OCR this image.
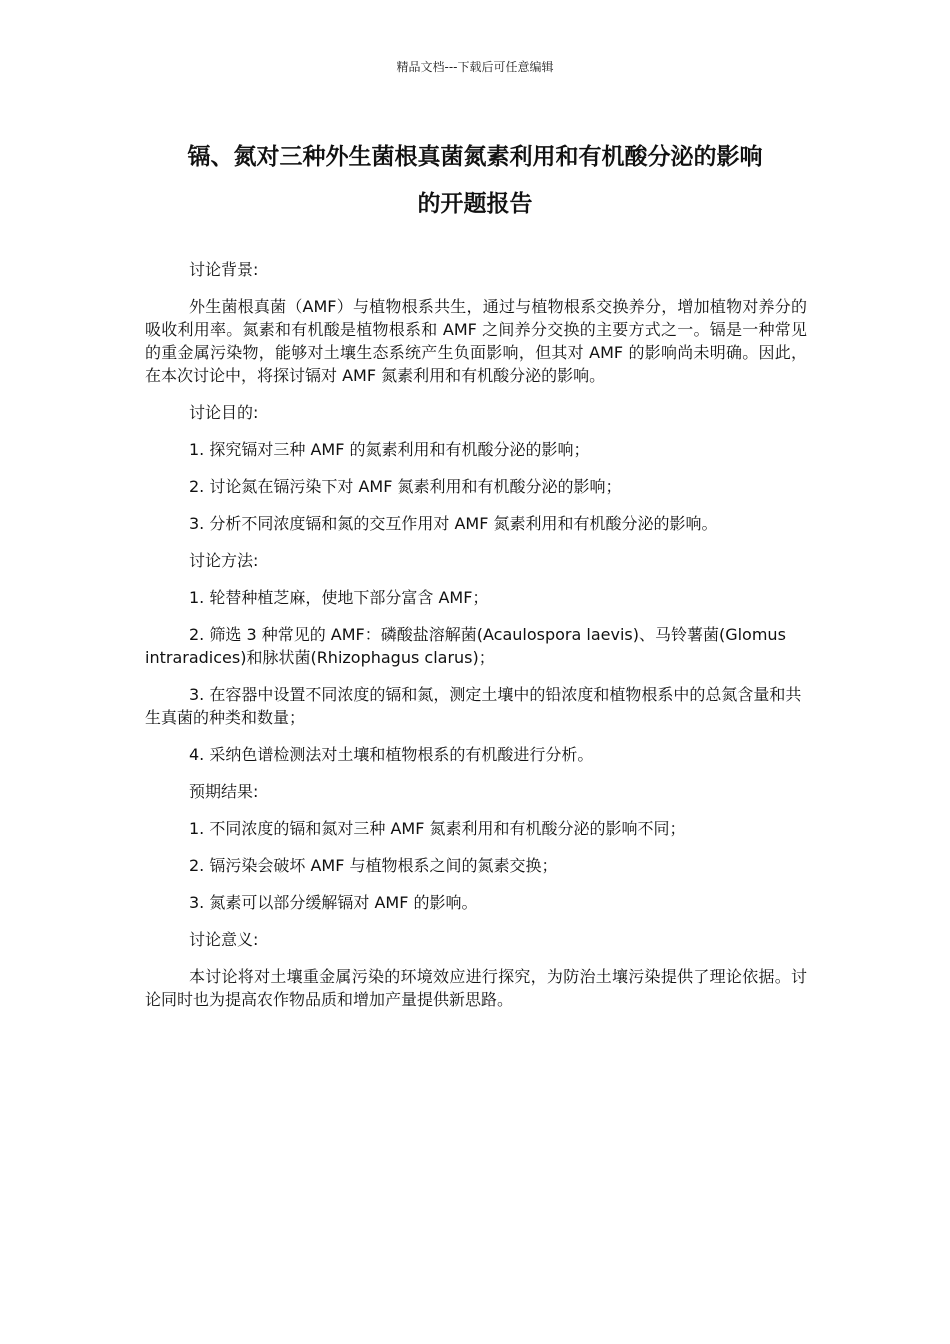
精品文档---下载后可任意编辑
镉、氮对三种外生菌根真菌氮素利用和有机酸分泌的影响
的开题报告

讨论背景:

外生菌根真菌（AMF）与植物根系共生，通过与植物根系交换养分，增加植物对养分的吸收利用率。氮素和有机酸是植物根系和 AMF 之间养分交换的主要方式之一。镉是一种常见的重金属污染物，能够对土壤生态系统产生负面影响，但其对 AMF 的影响尚未明确。因此，在本次讨论中，将探讨镉对 AMF 氮素利用和有机酸分泌的影响。

讨论目的:

1. 探究镉对三种 AMF 的氮素利用和有机酸分泌的影响；

2. 讨论氮在镉污染下对 AMF 氮素利用和有机酸分泌的影响；

3. 分析不同浓度镉和氮的交互作用对 AMF 氮素利用和有机酸分泌的影响。

讨论方法:

1. 轮替种植芝麻，使地下部分富含 AMF；

2. 筛选 3 种常见的 AMF：磷酸盐溶解菌(Acaulospora laevis)、马铃薯菌(Glomus intraradices)和脉状菌(Rhizophagus clarus)；

3. 在容器中设置不同浓度的镉和氮，测定土壤中的铅浓度和植物根系中的总氮含量和共生真菌的种类和数量；

4. 采纳色谱检测法对土壤和植物根系的有机酸进行分析。

预期结果:

1. 不同浓度的镉和氮对三种 AMF 氮素利用和有机酸分泌的影响不同；

2. 镉污染会破坏 AMF 与植物根系之间的氮素交换；

3. 氮素可以部分缓解镉对 AMF 的影响。

讨论意义:

本讨论将对土壤重金属污染的环境效应进行探究，为防治土壤污染提供了理论依据。讨论同时也为提高农作物品质和增加产量提供新思路。
